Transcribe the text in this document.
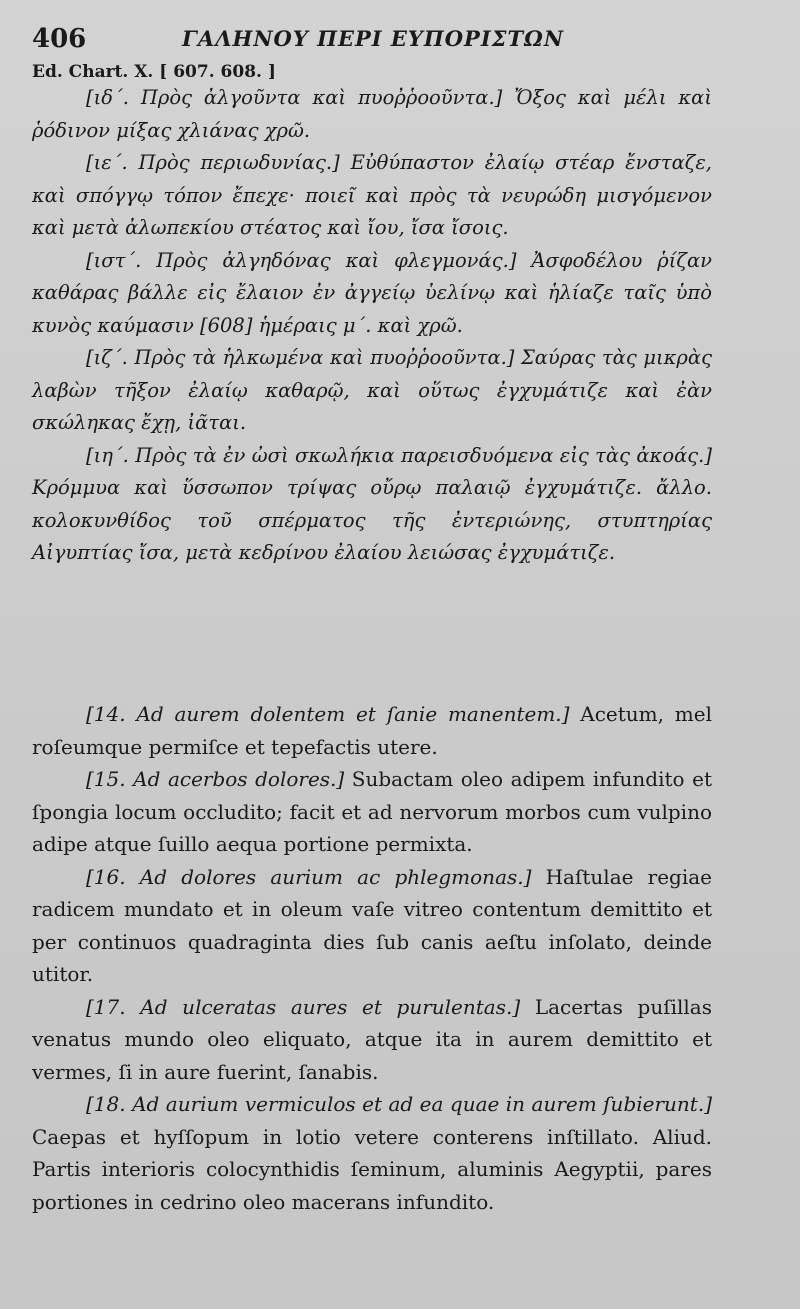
406	ΓΑΛΗΝΟΥ ΠΕΡΙ ΕΥΠΟΡΙΣΤΩΝ
Ed. Chart. X. [ 607. 608. ]

[ιδ΄. Πρὸς ἀλγοῦντα καὶ πυοῤῥοοῦντα.] Ὄξος καὶ μέλι καὶ ῥόδινον μίξας χλιάνας χρῶ.

[ιε΄. Πρὸς περιωδυνίας.] Εὐθύπαστον ἐλαίῳ στέαρ ἔνσταζε, καὶ σπόγγῳ τόπον ἔπεχε· ποιεῖ καὶ πρὸς τὰ νευρώδη μισγόμενον καὶ μετὰ ἀλωπεκίου στέατος καὶ ἴου, ἴσα ἴσοις.

[ιστ΄. Πρὸς ἀλγηδόνας καὶ φλεγμονάς.] Ἀσφοδέλου ῥίζαν καθάρας βάλλε εἰς ἔλαιον ἐν ἀγγείῳ ὑελίνῳ καὶ ἡλίαζε ταῖς ὑπὸ κυνὸς καύμασιν [608] ἡμέραις μ΄. καὶ χρῶ.

[ιζ΄. Πρὸς τὰ ἡλκωμένα καὶ πυοῤῥοοῦντα.] Σαύρας τὰς μικρὰς λαβὼν τῆξον ἐλαίῳ καθαρῷ, καὶ οὕτως ἐγχυμάτιζε καὶ ἐὰν σκώληκας ἔχῃ, ἰᾶται.

[ιη΄. Πρὸς τὰ ἐν ὠσὶ σκωλήκια παρεισδυόμενα εἰς τὰς ἀκοάς.] Κρόμμυα καὶ ὕσσωπον τρίψας οὔρῳ παλαιῷ ἐγχυμάτιζε. ἄλλο. κολοκυνθίδος τοῦ σπέρματος τῆς ἐντεριώνης, στυπτηρίας Αἰγυπτίας ἴσα, μετὰ κεδρίνου ἐλαίου λειώσας ἐγχυμάτιζε.

[14. Ad aurem dolentem et ſanie manentem.] Acetum, mel roſeumque permiſce et tepefactis utere.

[15. Ad acerbos dolores.] Subactam oleo adipem infundito et ſpongia locum occludito; facit et ad nervorum morbos cum vulpino adipe atque ſuillo aequa portione permixta.

[16. Ad dolores aurium ac phlegmonas.] Haſtulae regiae radicem mundato et in oleum vaſe vitreo contentum demittito et per continuos quadraginta dies ſub canis aeſtu inſolato, deinde utitor.

[17. Ad ulceratas aures et purulentas.] Lacertas puſillas venatus mundo oleo eliquato, atque ita in aurem demittito et vermes, ſi in aure fuerint, ſanabis.

[18. Ad aurium vermiculos et ad ea quae in aurem ſubierunt.] Caepas et hyſſopum in lotio vetere conterens inſtillato. Aliud. Partis interioris colocynthidis ſeminum, aluminis Aegyptii, pares portiones in cedrino oleo macerans infundito.
